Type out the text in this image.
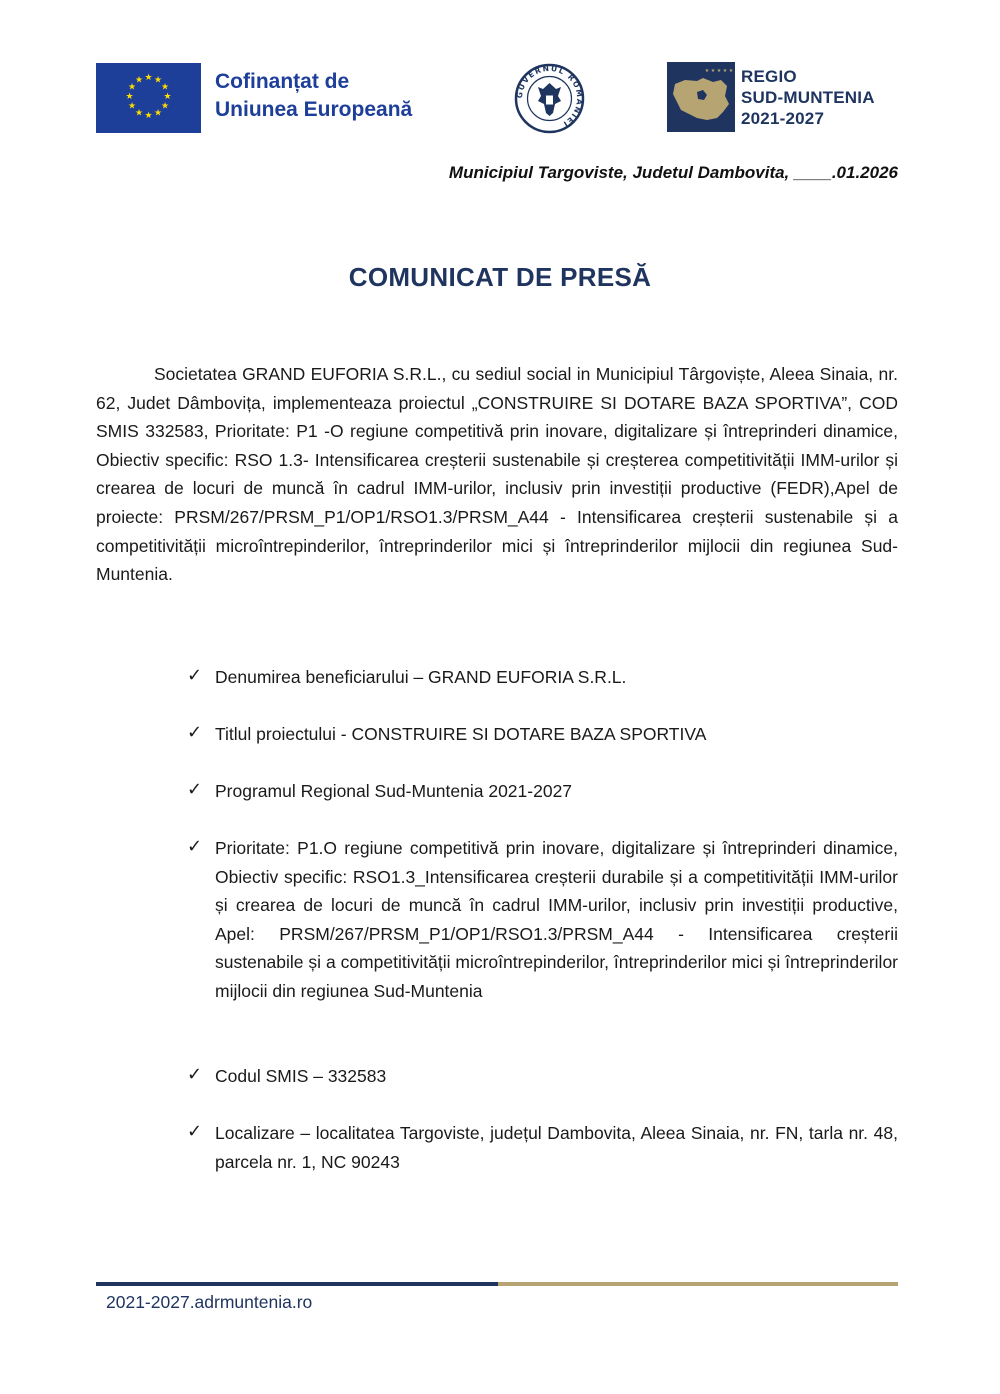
★ ★
★
★
★
★
★
★
★
★
★
★	Cofinanțat de
Uniunea Europeană
GUVERNUL ROMÂNIEI
★ ★ ★ ★ ★ REGIO
SUD-MUNTENIA
2021-2027
Municipiul Targoviste, Judetul Dambovita, ____.01.2026
COMUNICAT DE PRESĂ

Societatea GRAND EUFORIA S.R.L., cu sediul social in Municipiul Târgoviște, Aleea Sinaia, nr. 62, Judet Dâmbovița, implementeaza proiectul „CONSTRUIRE SI DOTARE BAZA SPORTIVA”, COD SMIS 332583, Prioritate: P1 -O regiune competitivă prin inovare, digitalizare și întreprinderi dinamice, Obiectiv specific: RSO 1.3- Intensificarea creșterii sustenabile și creșterea competitivității IMM-urilor și crearea de locuri de muncă în cadrul IMM-urilor, inclusiv prin investiții productive (FEDR),Apel de proiecte: PRSM/267/PRSM_P1/OP1/RSO1.3/PRSM_A44 - Intensificarea creșterii sustenabile și a competitivității microîntrepinderilor, întreprinderilor mici și întreprinderilor mijlocii din regiunea Sud-Muntenia.

✓ Denumirea beneficiarului – GRAND EUFORIA S.R.L.
✓ Titlul proiectului - CONSTRUIRE SI DOTARE BAZA SPORTIVA
✓ Programul Regional Sud-Muntenia 2021-2027
✓ Prioritate: P1.O regiune competitivă prin inovare, digitalizare și întreprinderi dinamice, Obiectiv specific: RSO1.3_Intensificarea creșterii durabile și a competitivității IMM-urilor și crearea de locuri de muncă în cadrul IMM-urilor, inclusiv prin investiții productive, Apel: PRSM/267/PRSM_P1/OP1/RSO1.3/PRSM_A44 - Intensificarea creșterii sustenabile și a competitivității microîntrepinderilor, întreprinderilor mici și întreprinderilor mijlocii din regiunea Sud-Muntenia
✓ Codul SMIS – 332583
✓ Localizare – localitatea Targoviste, județul Dambovita, Aleea Sinaia, nr. FN, tarla nr. 48, parcela nr. 1, NC 90243
2021-2027.adrmuntenia.ro
